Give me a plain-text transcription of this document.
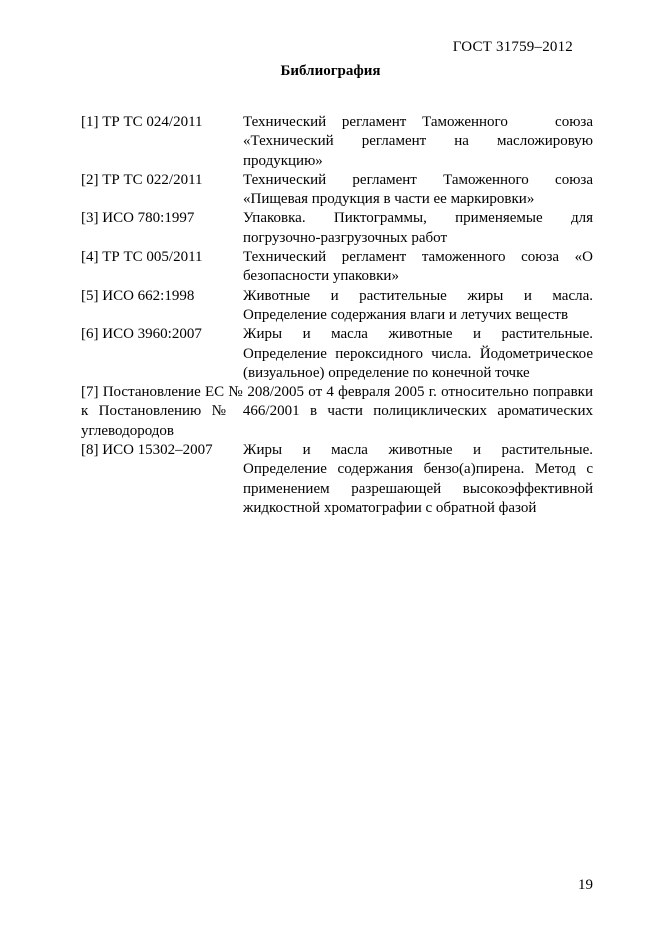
ГОСТ 31759–2012
Библиография
[1] ТР ТС 024/2011	Технический регламент Таможенного   союза «Технический регламент на масложировую продукцию»
[2] ТР ТС 022/2011	Технический регламент Таможенного союза «Пищевая продукция в части ее маркировки»
[3] ИСО 780:1997	Упаковка. Пиктограммы, применяемые для погрузочно-разгрузочных работ
[4] ТР ТС 005/2011	Технический регламент таможенного союза «О безопасности упаковки»
[5] ИСО 662:1998	Животные и растительные жиры и масла. Определение содержания влаги и летучих веществ
[6] ИСО 3960:2007	Жиры и масла животные и растительные. Определение пероксидного числа. Йодометрическое (визуальное) определение по конечной точке
[7] Постановление ЕС № 208/2005 от 4 февраля 2005 г. относительно поправки к Постановлению № 466/2001 в части полициклических ароматических углеводородов
[8] ИСО 15302–2007	Жиры и масла животные и растительные. Определение содержания бензо(а)пирена. Метод с применением разрешающей высокоэффективной жидкостной хроматографии с обратной фазой
19
